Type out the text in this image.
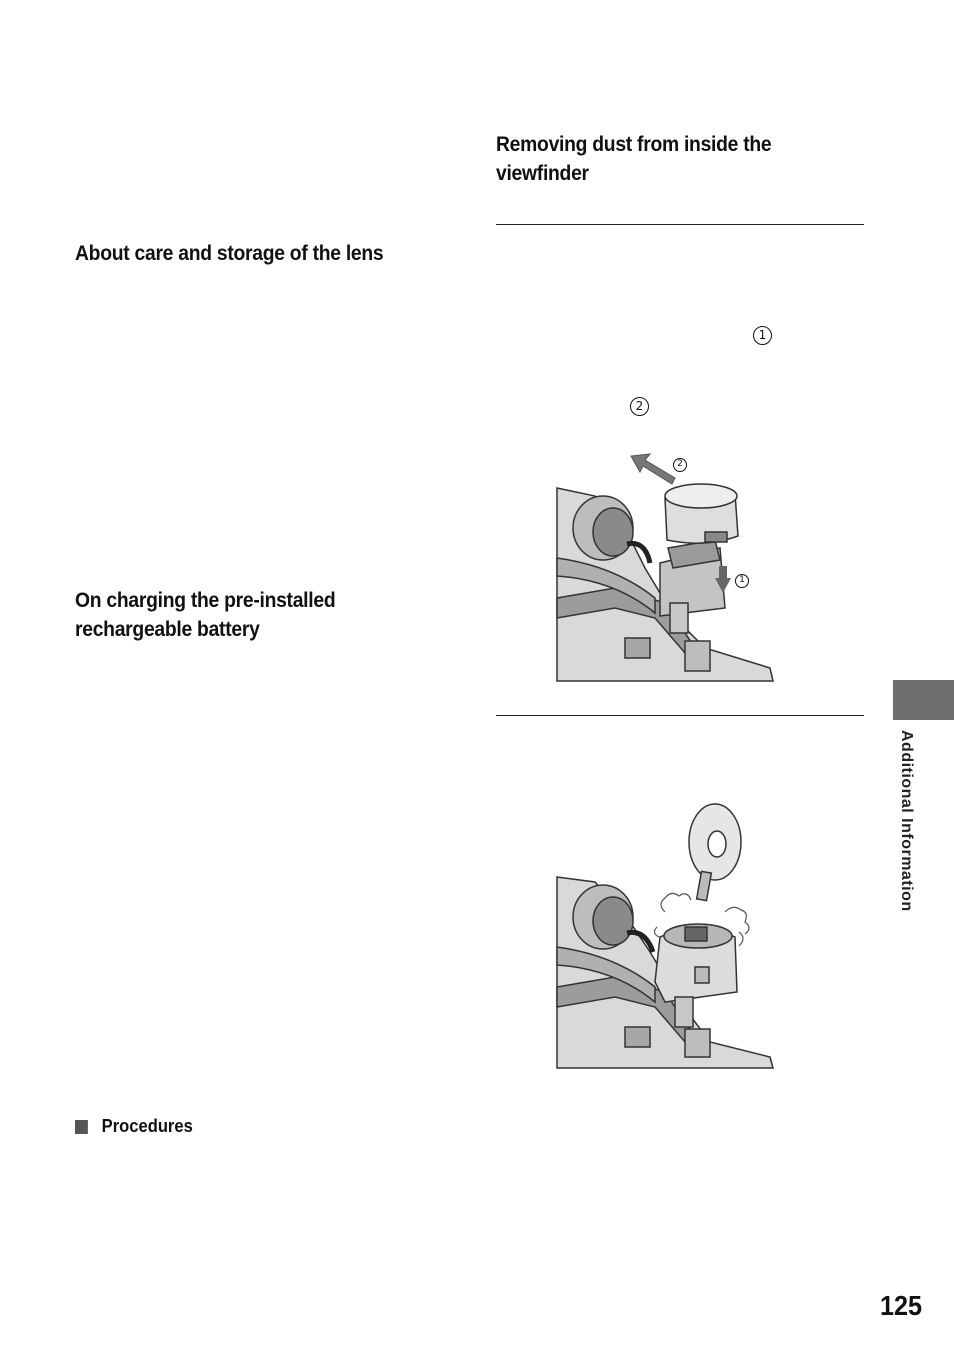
Removing dust from inside the viewfinder
About care and storage of the lens
On charging the pre-installed rechargeable battery
1
2
2
1
Procedures
Additional Information
125
